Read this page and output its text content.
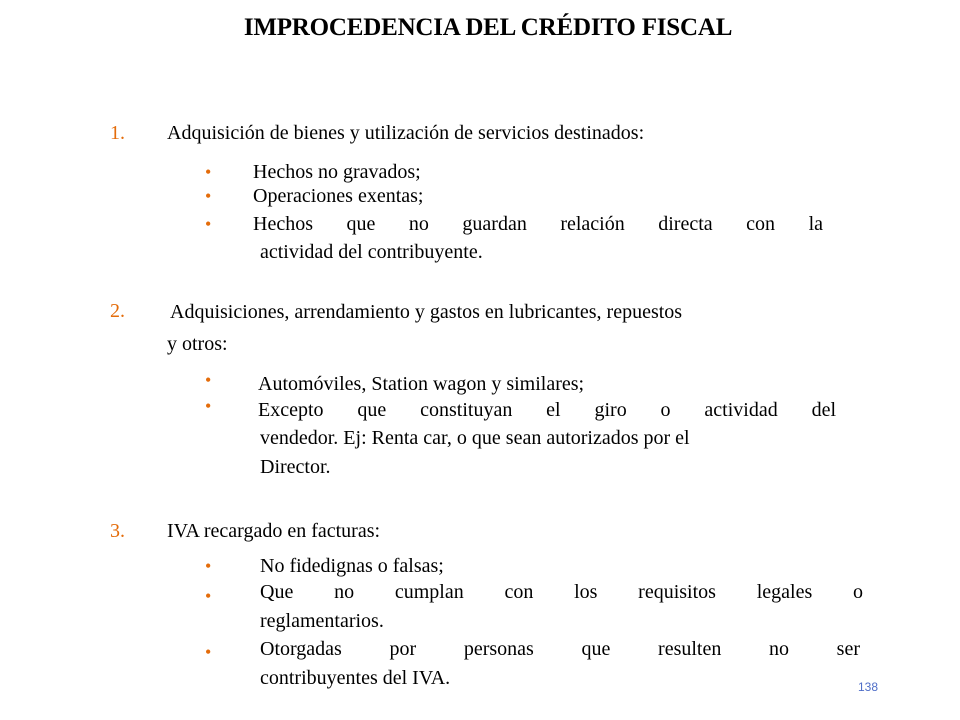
IMPROCEDENCIA DEL CRÉDITO FISCAL
1. Adquisición de bienes y utilización de servicios destinados:
• Hechos no gravados;
• Operaciones exentas;
• Hechos que no guardan relación directa con la
actividad del contribuyente.
2. Adquisiciones, arrendamiento y gastos en lubricantes, repuestos
y otros:
• Automóviles, Station wagon y similares;
• Excepto que constituyan el giro o actividad del
vendedor. Ej: Renta car, o que sean autorizados por el
Director.
3. IVA recargado en facturas:
• No fidedignas o falsas;
• Que no cumplan con los requisitos legales o
reglamentarios.
• Otorgadas por personas que resulten no ser
contribuyentes del IVA.	138
